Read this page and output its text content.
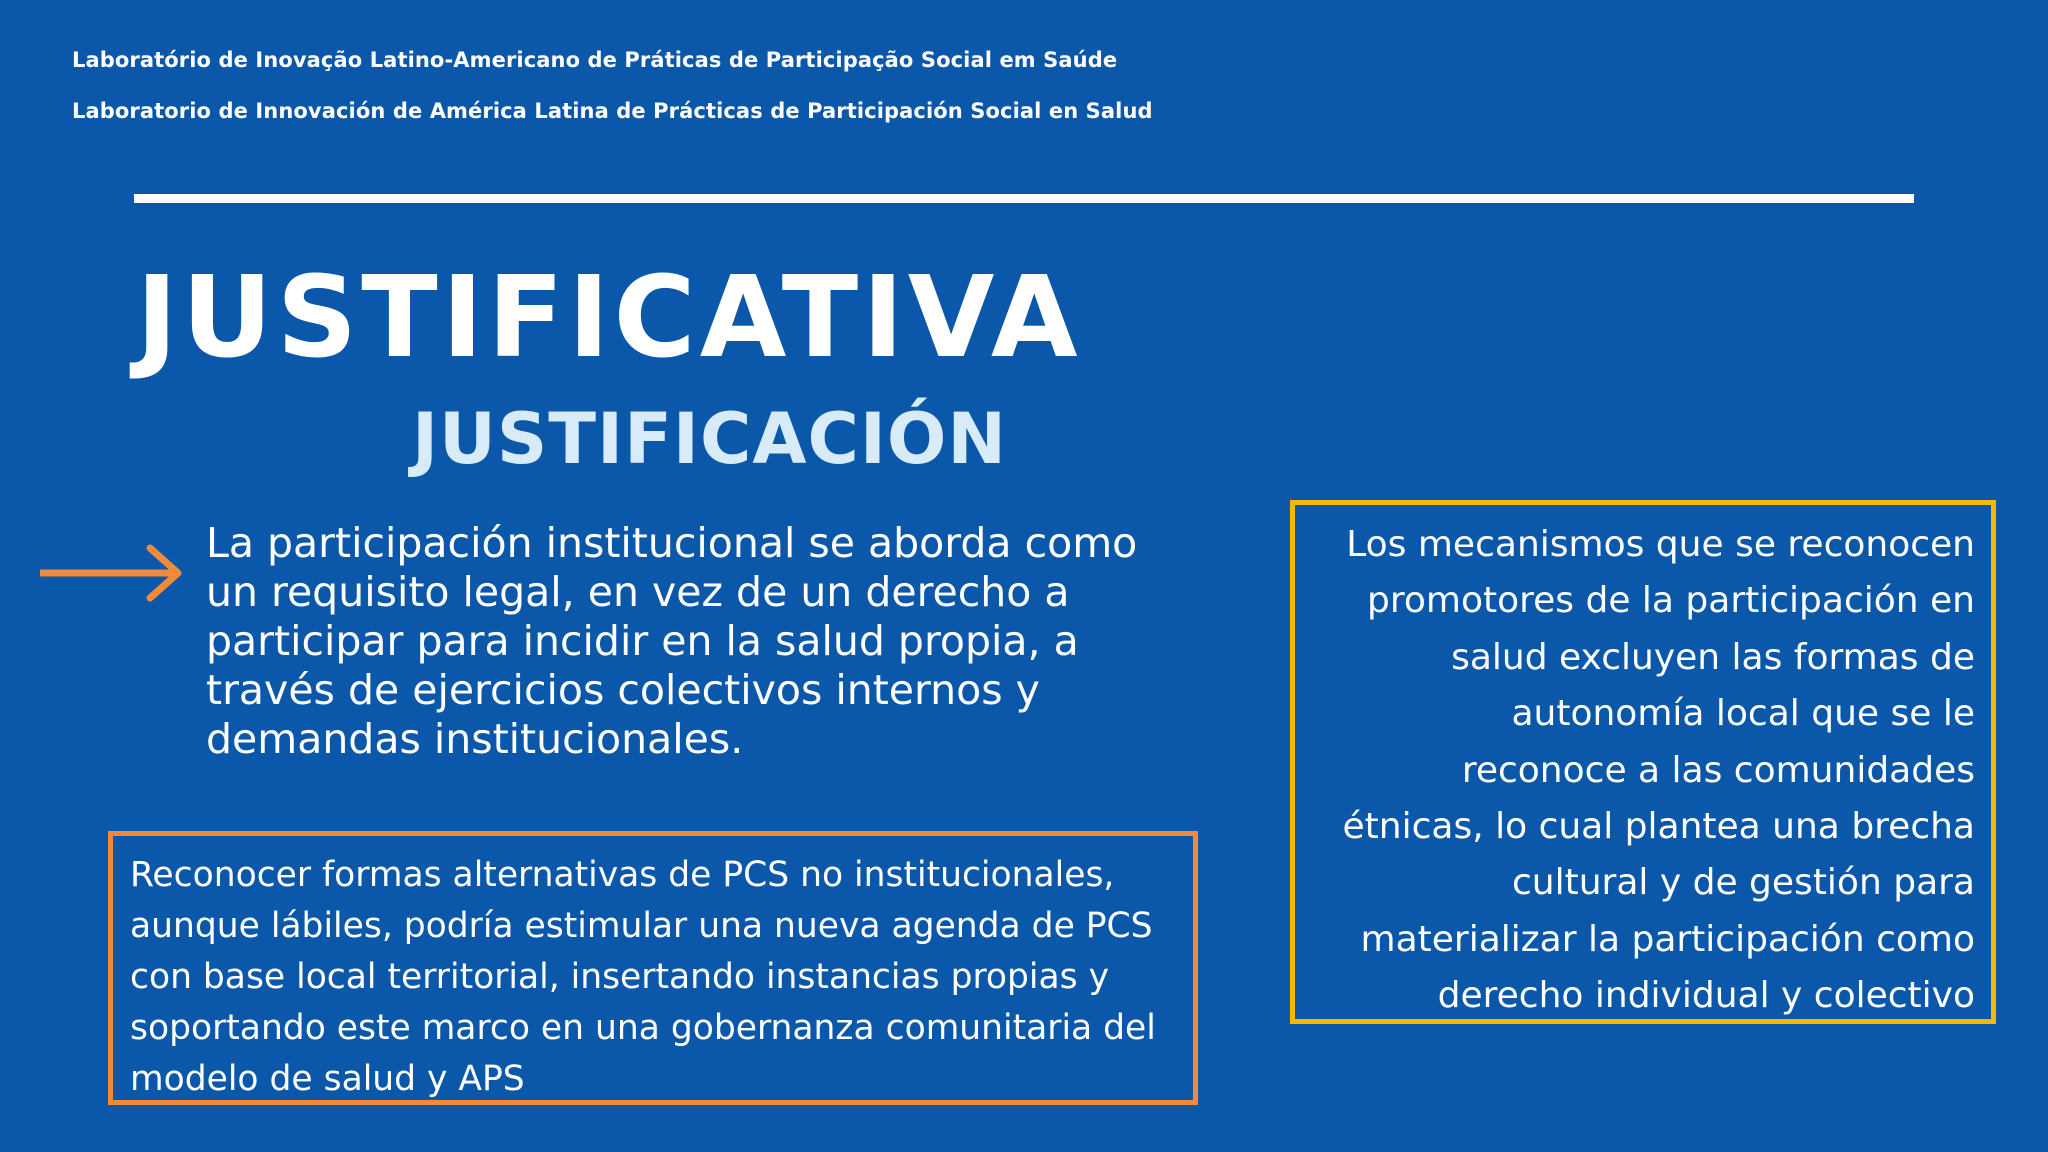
Laboratório de Inovação Latino-Americano de Práticas de Participação Social em Saúde
Laboratorio de Innovación de América Latina de Prácticas de Participación Social en Salud
JUSTIFICATIVA
JUSTIFICACIÓN
La participación institucional se aborda como un requisito legal, en vez de un derecho a participar para incidir en la salud propia, a través de ejercicios colectivos internos y demandas institucionales.
Reconocer formas alternativas de PCS no institucionales,
aunque lábiles, podría estimular una nueva agenda de PCS
con base local territorial, insertando instancias propias y
soportando este marco en una gobernanza comunitaria del
modelo de salud y APS
Los mecanismos que se reconocen
promotores de la participación en
salud excluyen las formas de
autonomía local que se le
reconoce a las comunidades
étnicas, lo cual plantea una brecha
cultural y de gestión para
materializar la participación como
derecho individual y colectivo
